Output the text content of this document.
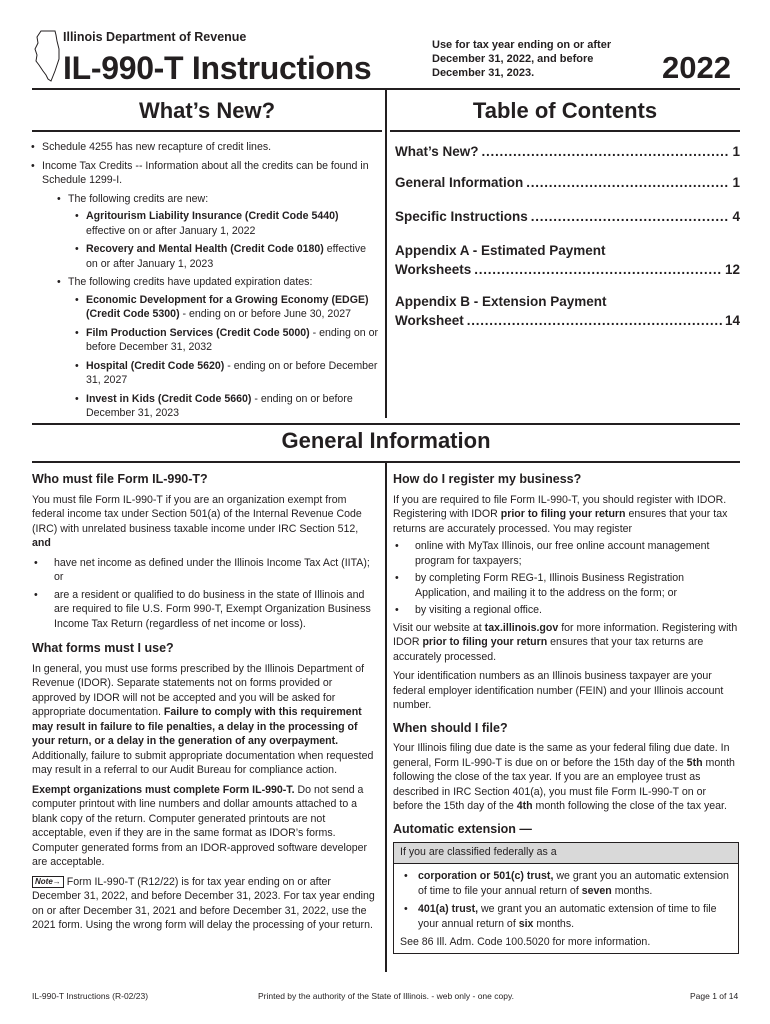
Illinois Department of Revenue
IL-990-T Instructions
Use for tax year ending on or after December 31, 2022, and before December 31, 2023.	2022
What’s New?
• Schedule 4255 has new recapture of credit lines.
• Income Tax Credits -- Information about all the credits can be found in Schedule 1299-I.
• The following credits are new:
• Agritourism Liability Insurance (Credit Code 5440)
effective on or after January 1, 2022
• Recovery and Mental Health (Credit Code 0180) effective on or after January 1, 2023
• The following credits have updated expiration dates:
• Economic Development for a Growing Economy (EDGE) (Credit Code 5300) - ending on or before June 30, 2027
• Film Production Services (Credit Code 5000) - ending on or before December 31, 2032
• Hospital (Credit Code 5620) - ending on or before December 31, 2027
• Invest in Kids (Credit Code 5660) - ending on or before December 31, 2023
Table of Contents
What’s New? . . .	1
General Information . . .	1
Specific Instructions . . .	4
Appendix A - Estimated Payment
Worksheets . . .	12
Appendix B - Extension Payment
Worksheet . . .	14
General Information
Who must file Form IL-990-T?

You must file Form IL-990-T if you are an organization exempt from federal income tax under Section 501(a) of the Internal Revenue Code (IRC) with unrelated business taxable income under IRC Section 512, and

• have net income as defined under the Illinois Income Tax Act (IITA); or
• are a resident or qualified to do business in the state of Illinois and are required to file U.S. Form 990-T, Exempt Organization Business Income Tax Return (regardless of net income or loss).
What forms must I use?

In general, you must use forms prescribed by the Illinois Department of Revenue (IDOR). Separate statements not on forms provided or approved by IDOR will not be accepted and you will be asked for appropriate documentation. Failure to comply with this requirement may result in failure to file penalties, a delay in the processing of your return, or a delay in the generation of any overpayment. Additionally, failure to submit appropriate documentation when requested may result in a referral to our Audit Bureau for compliance action.

Exempt organizations must complete Form IL-990-T. Do not send a computer printout with line numbers and dollar amounts attached to a blank copy of the return. Computer generated printouts are not acceptable, even if they are in the same format as IDOR’s forms. Computer generated forms from an IDOR-approved software developer are acceptable.

Note→ Form IL-990-T (R12/22) is for tax year ending on or after December 31, 2022, and before December 31, 2023. For tax year ending on or after December 31, 2021 and before December 31, 2022, use the 2021 form. Using the wrong form will delay the processing of your return.

How do I register my business?

If you are required to file Form IL-990-T, you should register with IDOR. Registering with IDOR prior to filing your return ensures that your tax returns are accurately processed. You may register

• online with MyTax Illinois, our free online account management program for taxpayers;
• by completing Form REG-1, Illinois Business Registration Application, and mailing it to the address on the form; or
• by visiting a regional office.

Visit our website at tax.illinois.gov for more information. Registering with IDOR prior to filing your return ensures that your tax returns are accurately processed.

Your identification numbers as an Illinois business taxpayer are your federal employer identification number (FEIN) and your Illinois account number.

When should I file?

Your Illinois filing due date is the same as your federal filing due date. In general, Form IL-990-T is due on or before the 15th day of the 5th month following the close of the tax year. If you are an employee trust as described in IRC Section 401(a), you must file Form IL-990-T on or before the 15th day of the 4th month following the close of the tax year.

Automatic extension —
If you are classified federally as a
• corporation or 501(c) trust, we grant you an automatic extension of time to file your annual return of seven months.
• 401(a) trust, we grant you an automatic extension of time to file your annual return of six months.
See 86 Ill. Adm. Code 100.5020 for more information.
IL-990-T Instructions (R-02/23)	Printed by the authority of the State of Illinois. - web only - one copy.	Page 1 of 14
